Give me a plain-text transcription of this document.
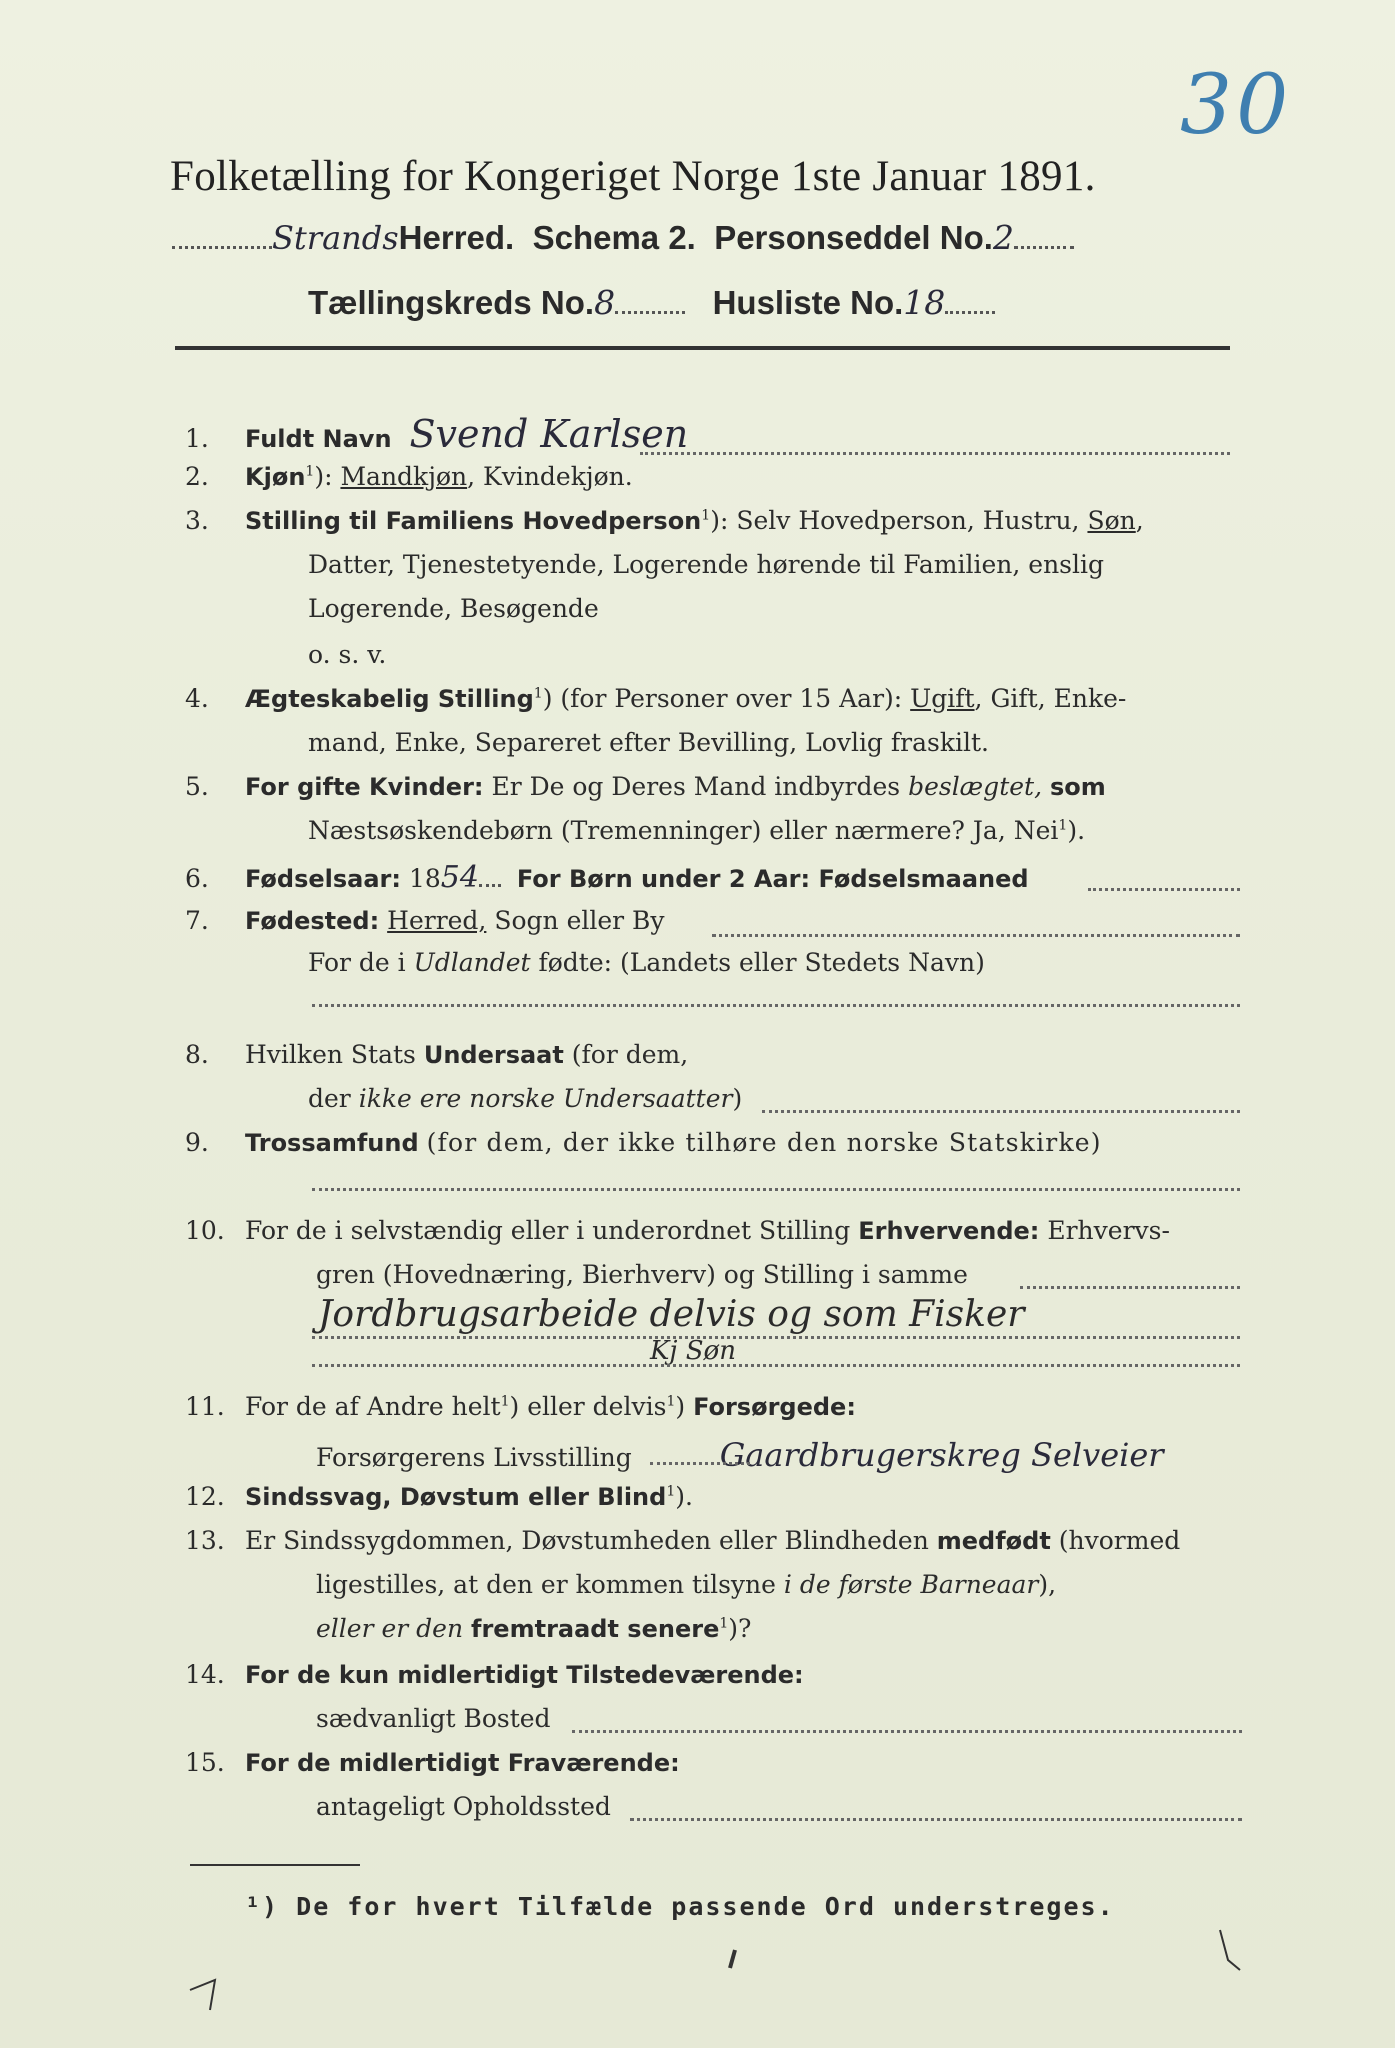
30
Folketælling for Kongeriget Norge 1ste Januar 1891.
StrandsHerred. Schema 2. Personseddel No.2
Tællingskreds No.8	Husliste No.18
1. Fuldt Navn Svend Karlsen
2. Kjøn$^1$): Mandkjøn, Kvindekjøn.
3. Stilling til Familiens Hovedperson$^1$): Selv Hovedperson, Hustru, Søn,
Datter, Tjenestetyende, Logerende hørende til Familien, enslig
Logerende, Besøgende
o. s. v.
4. Ægteskabelig Stilling$^1$) (for Personer over 15 Aar): Ugift, Gift, Enke-
mand, Enke, Separeret efter Bevilling, Lovlig fraskilt.
5. For gifte Kvinder: Er De og Deres Mand indbyrdes beslægtet, som
Næstsøskendebørn (Tremenninger) eller nærmere? Ja, Nei$^1$).
6. Fødselsaar: 1854 For Børn under 2 Aar: Fødselsmaaned
7. Fødested: Herred, Sogn eller By
For de i Udlandet fødte: (Landets eller Stedets Navn)
8. Hvilken Stats Undersaat (for dem,
der ikke ere norske Undersaatter)
9. Trossamfund (for dem, der ikke tilhøre den norske Statskirke)
10. For de i selvstændig eller i underordnet Stilling Erhvervende: Erhvervs-
gren (Hovednæring, Bierhverv) og Stilling i samme
Jordbrugsarbeide delvis og som Fisker
Kj Søn
11. For de af Andre helt$^1$) eller delvis$^1$) Forsørgede:
Forsørgerens Livsstilling	Gaardbrugerskreg Selveier
12. Sindssvag, Døvstum eller Blind$^1$).
13. Er Sindssygdommen, Døvstumheden eller Blindheden medfødt (hvormed
ligestilles, at den er kommen tilsyne i de første Barneaar),
eller er den fremtraadt senere$^1$)?
14. For de kun midlertidigt Tilstedeværende:
sædvanligt Bosted
15. For de midlertidigt Fraværende:
antageligt Opholdssted
¹) De for hvert Tilfælde passende Ord understreges.
